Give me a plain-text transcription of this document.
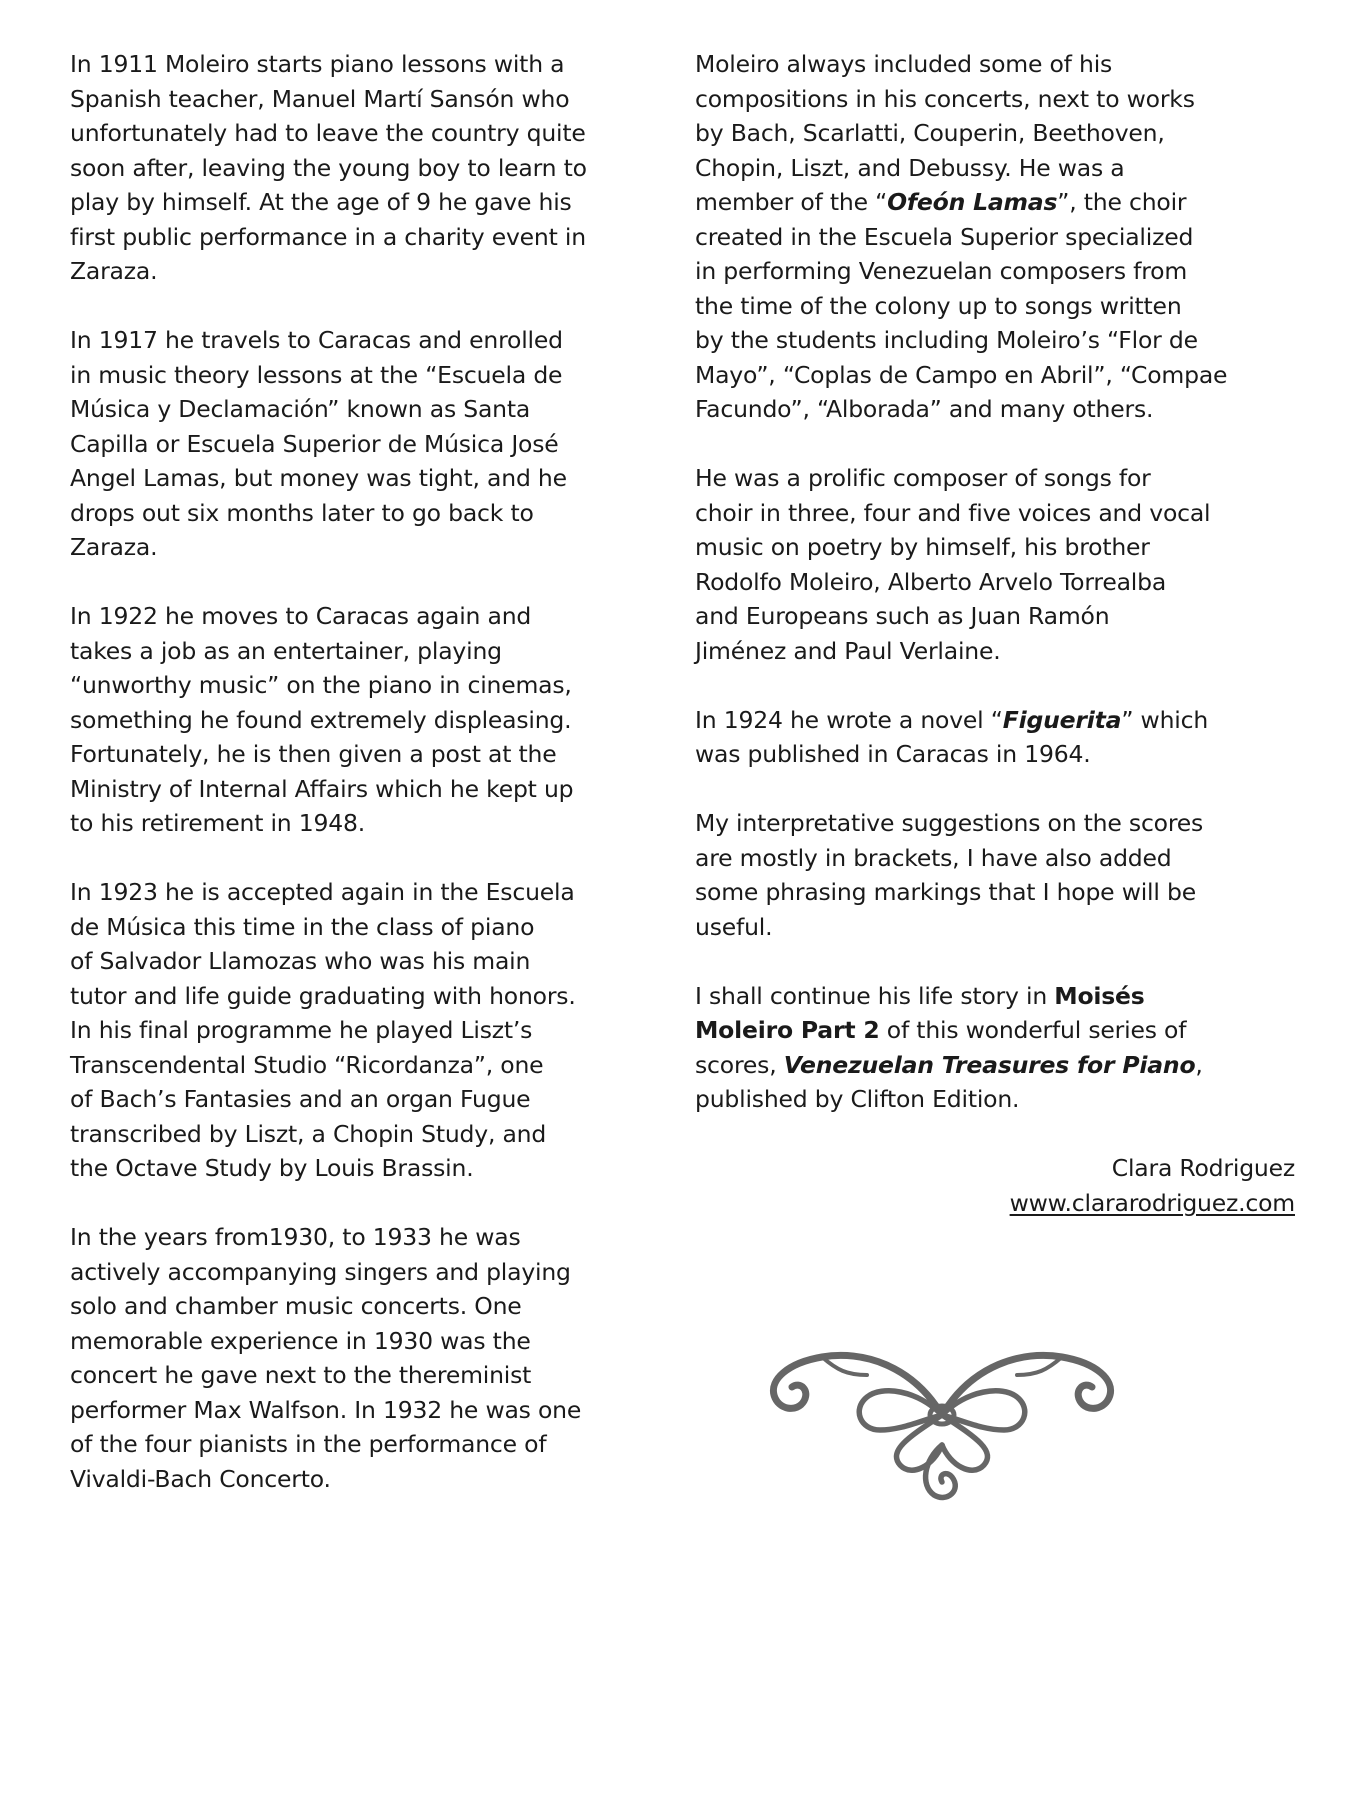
In 1911 Moleiro starts piano lessons with a
Spanish teacher, Manuel Martí Sansón who
unfortunately had to leave the country quite
soon after, leaving the young boy to learn to
play by himself. At the age of 9 he gave his
first public performance in a charity event in
Zaraza.

In 1917 he travels to Caracas and enrolled
in music theory lessons at the “Escuela de
Música y Declamación” known as Santa
Capilla or Escuela Superior de Música José
Angel Lamas, but money was tight, and he
drops out six months later to go back to
Zaraza.

In 1922 he moves to Caracas again and
takes a job as an entertainer, playing
“unworthy music” on the piano in cinemas,
something he found extremely displeasing.
Fortunately, he is then given a post at the
Ministry of Internal Affairs which he kept up
to his retirement in 1948.

In 1923 he is accepted again in the Escuela
de Música this time in the class of piano
of Salvador Llamozas who was his main
tutor and life guide graduating with honors.
In his final programme he played Liszt’s
Transcendental Studio “Ricordanza”, one
of Bach’s Fantasies and an organ Fugue
transcribed by Liszt, a Chopin Study, and
the Octave Study by Louis Brassin.

In the years from1930, to 1933 he was
actively accompanying singers and playing
solo and chamber music concerts. One
memorable experience in 1930 was the
concert he gave next to the thereminist
performer Max Walfson. In 1932 he was one
of the four pianists in the performance of
Vivaldi-Bach Concerto.

Moleiro always included some of his
compositions in his concerts, next to works
by Bach, Scarlatti, Couperin, Beethoven,
Chopin, Liszt, and Debussy. He was a
member of the “Ofeón Lamas”, the choir
created in the Escuela Superior specialized
in performing Venezuelan composers from
the time of the colony up to songs written
by the students including Moleiro’s “Flor de
Mayo”, “Coplas de Campo en Abril”, “Compae
Facundo”, “Alborada” and many others.

He was a prolific composer of songs for
choir in three, four and five voices and vocal
music on poetry by himself, his brother
Rodolfo Moleiro, Alberto Arvelo Torrealba
and Europeans such as Juan Ramón
Jiménez and Paul Verlaine.

In 1924 he wrote a novel “Figuerita” which
was published in Caracas in 1964.

My interpretative suggestions on the scores
are mostly in brackets, I have also added
some phrasing markings that I hope will be
useful.

I shall continue his life story in Moisés
Moleiro Part 2 of this wonderful series of
scores, Venezuelan Treasures for Piano,
published by Clifton Edition.

Clara Rodriguez
www.clararodriguez.com
